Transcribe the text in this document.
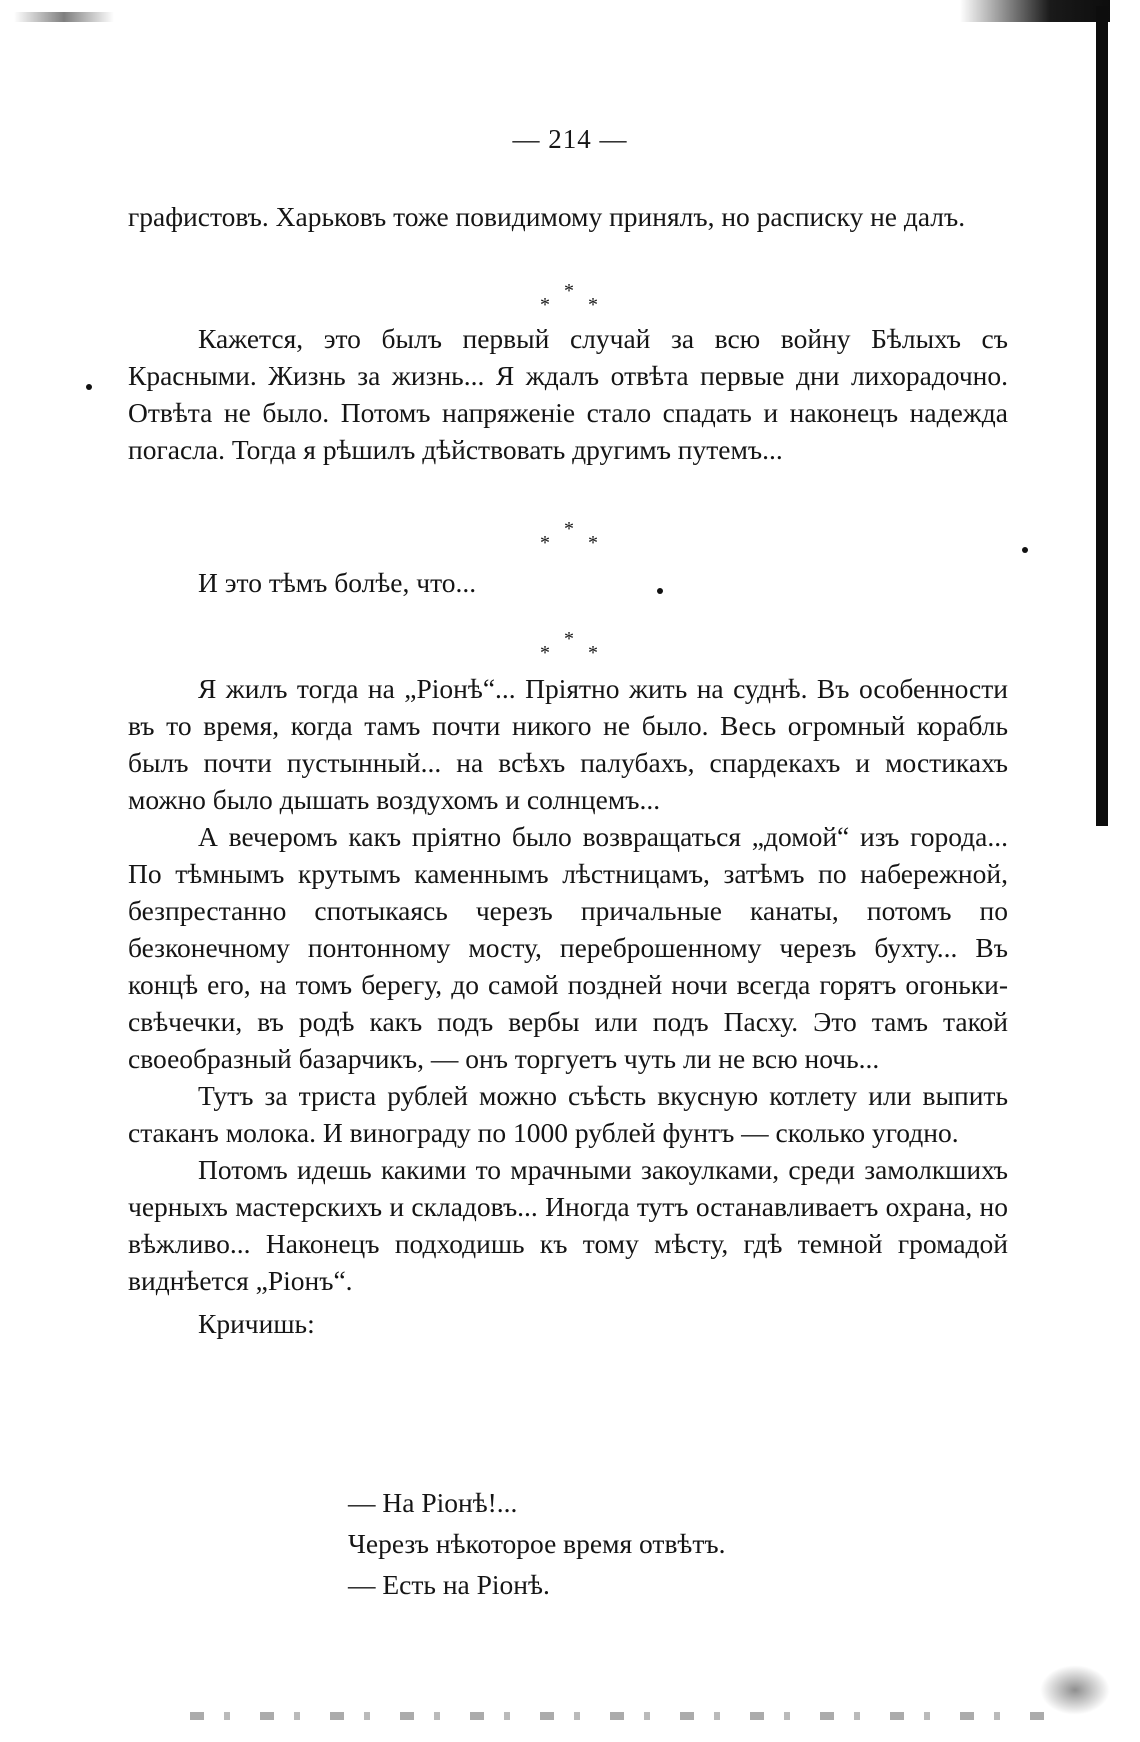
— 214 —

графистовъ. Харьковъ тоже повидимому принялъ, но расписку не далъ.

*
* *

Кажется, это былъ первый случай за всю войну Бѣлыхъ съ Красными. Жизнь за жизнь... Я ждалъ отвѣта первые дни лихорадочно. Отвѣта не было. Потомъ напряженiе стало спадать и наконецъ надежда погасла. Тогда я рѣшилъ дѣйствовать другимъ путемъ...

*
* *

И это тѣмъ болѣе, что...

*
* *

Я жилъ тогда на „Рiонѣ“... Прiятно жить на суднѣ. Въ особенности въ то время, когда тамъ почти никого не было. Весь огромный корабль былъ почти пустынный... на всѣхъ палубахъ, спардекахъ и мостикахъ можно было дышать воздухомъ и солнцемъ...

А вечеромъ какъ прiятно было возвращаться „домой“ изъ города... По тѣмнымъ крутымъ каменнымъ лѣстницамъ, затѣмъ по набережной, безпрестанно спотыкаясь черезъ причальные канаты, потомъ по безконечному понтонному мосту, переброшенному черезъ бухту... Въ концѣ его, на томъ берегу, до самой поздней ночи всегда горятъ огоньки-свѣчечки, въ родѣ какъ подъ вербы или подъ Пасху. Это тамъ такой своеобразный базарчикъ, — онъ торгуетъ чуть ли не всю ночь...

Тутъ за триста рублей можно съѣсть вкусную котлету или выпить стаканъ молока. И винограду по 1000 рублей фунтъ — сколько угодно.

Потомъ идешь какими то мрачными закоулками, среди замолкшихъ черныхъ мастерскихъ и складовъ... Иногда тутъ останавливаетъ охрана, но вѣжливо... Наконецъ подходишь къ тому мѣсту, гдѣ темной громадой виднѣется „Рiонъ“.

Кричишь:

— На Рiонѣ!...
Черезъ нѣкоторое время отвѣтъ.
— Есть на Рiонѣ.
